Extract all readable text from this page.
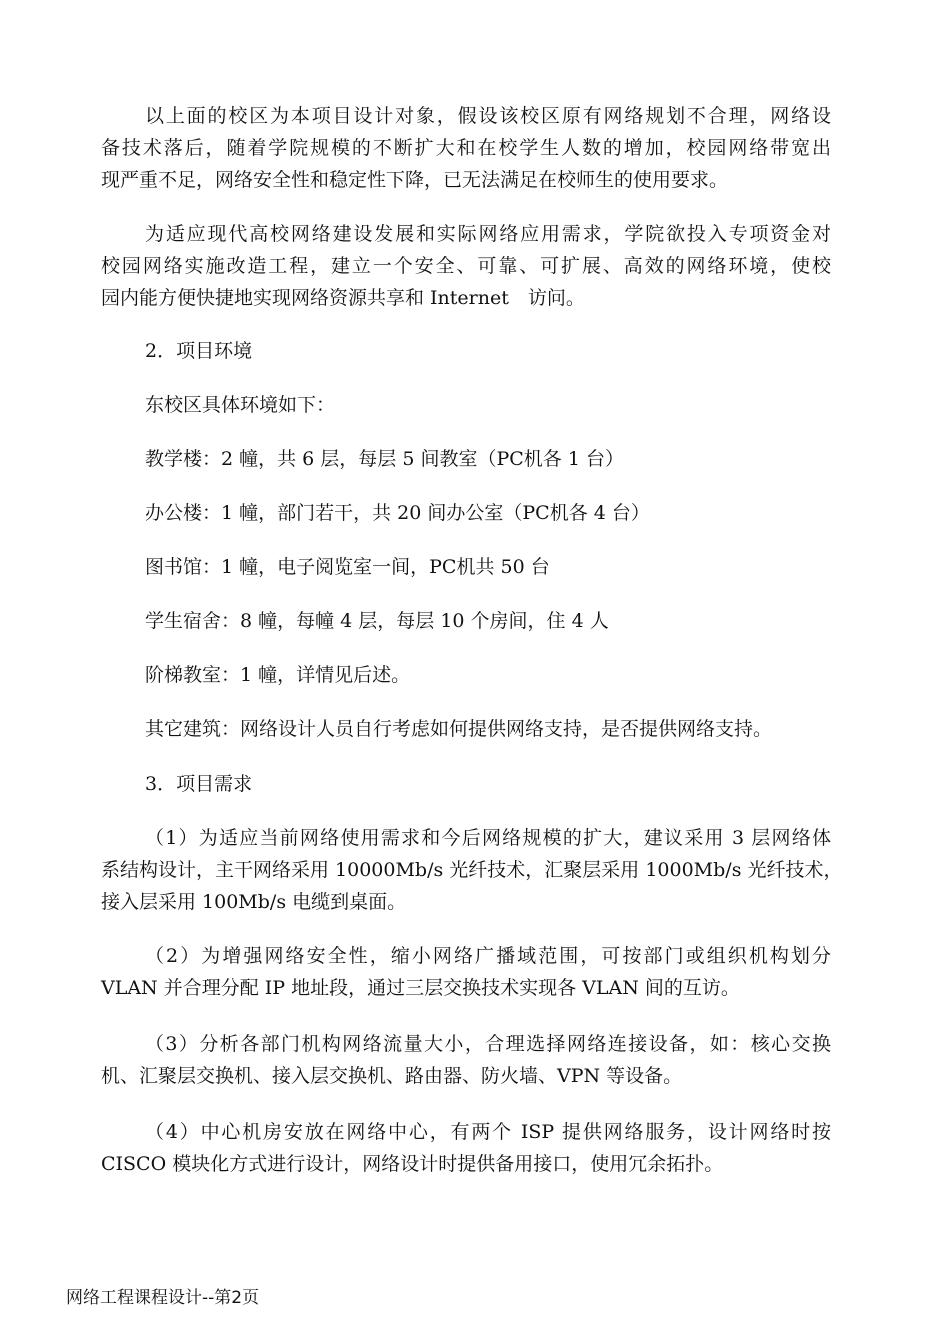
以上面的校区为本项目设计对象，假设该校区原有网络规划不合理，网络设
备技术落后，随着学院规模的不断扩大和在校学生人数的增加，校园网络带宽出
现严重不足，网络安全性和稳定性下降，已无法满足在校师生的使用要求。
为适应现代高校网络建设发展和实际网络应用需求，学院欲投入专项资金对
校园网络实施改造工程，建立一个安全、可靠、可扩展、高效的网络环境，使校
园内能方便快捷地实现网络资源共享和 Internet　访问。

2．项目环境

东校区具体环境如下：

教学楼：2 幢，共 6 层，每层 5 间教室（PC机各 1 台）

办公楼：1 幢，部门若干，共 20 间办公室（PC机各 4 台）

图书馆：1 幢，电子阅览室一间，PC机共 50 台

学生宿舍：8 幢，每幢 4 层，每层 10 个房间，住 4 人

阶梯教室：1 幢，详情见后述。

其它建筑：网络设计人员自行考虑如何提供网络支持，是否提供网络支持。

3．项目需求

（1）为适应当前网络使用需求和今后网络规模的扩大，建议采用 3 层网络体
系结构设计，主干网络采用 10000Mb/s 光纤技术，汇聚层采用 1000Mb/s 光纤技术，
接入层采用 100Mb/s 电缆到桌面。
（2）为增强网络安全性，缩小网络广播域范围，可按部门或组织机构划分
VLAN 并合理分配 IP 地址段，通过三层交换技术实现各 VLAN 间的互访。
（3）分析各部门机构网络流量大小，合理选择网络连接设备，如：核心交换
机、汇聚层交换机、接入层交换机、路由器、防火墙、VPN 等设备。
（4）中心机房安放在网络中心，有两个 ISP 提供网络服务，设计网络时按
CISCO 模块化方式进行设计，网络设计时提供备用接口，使用冗余拓扑。
网络工程课程设计--第2页
